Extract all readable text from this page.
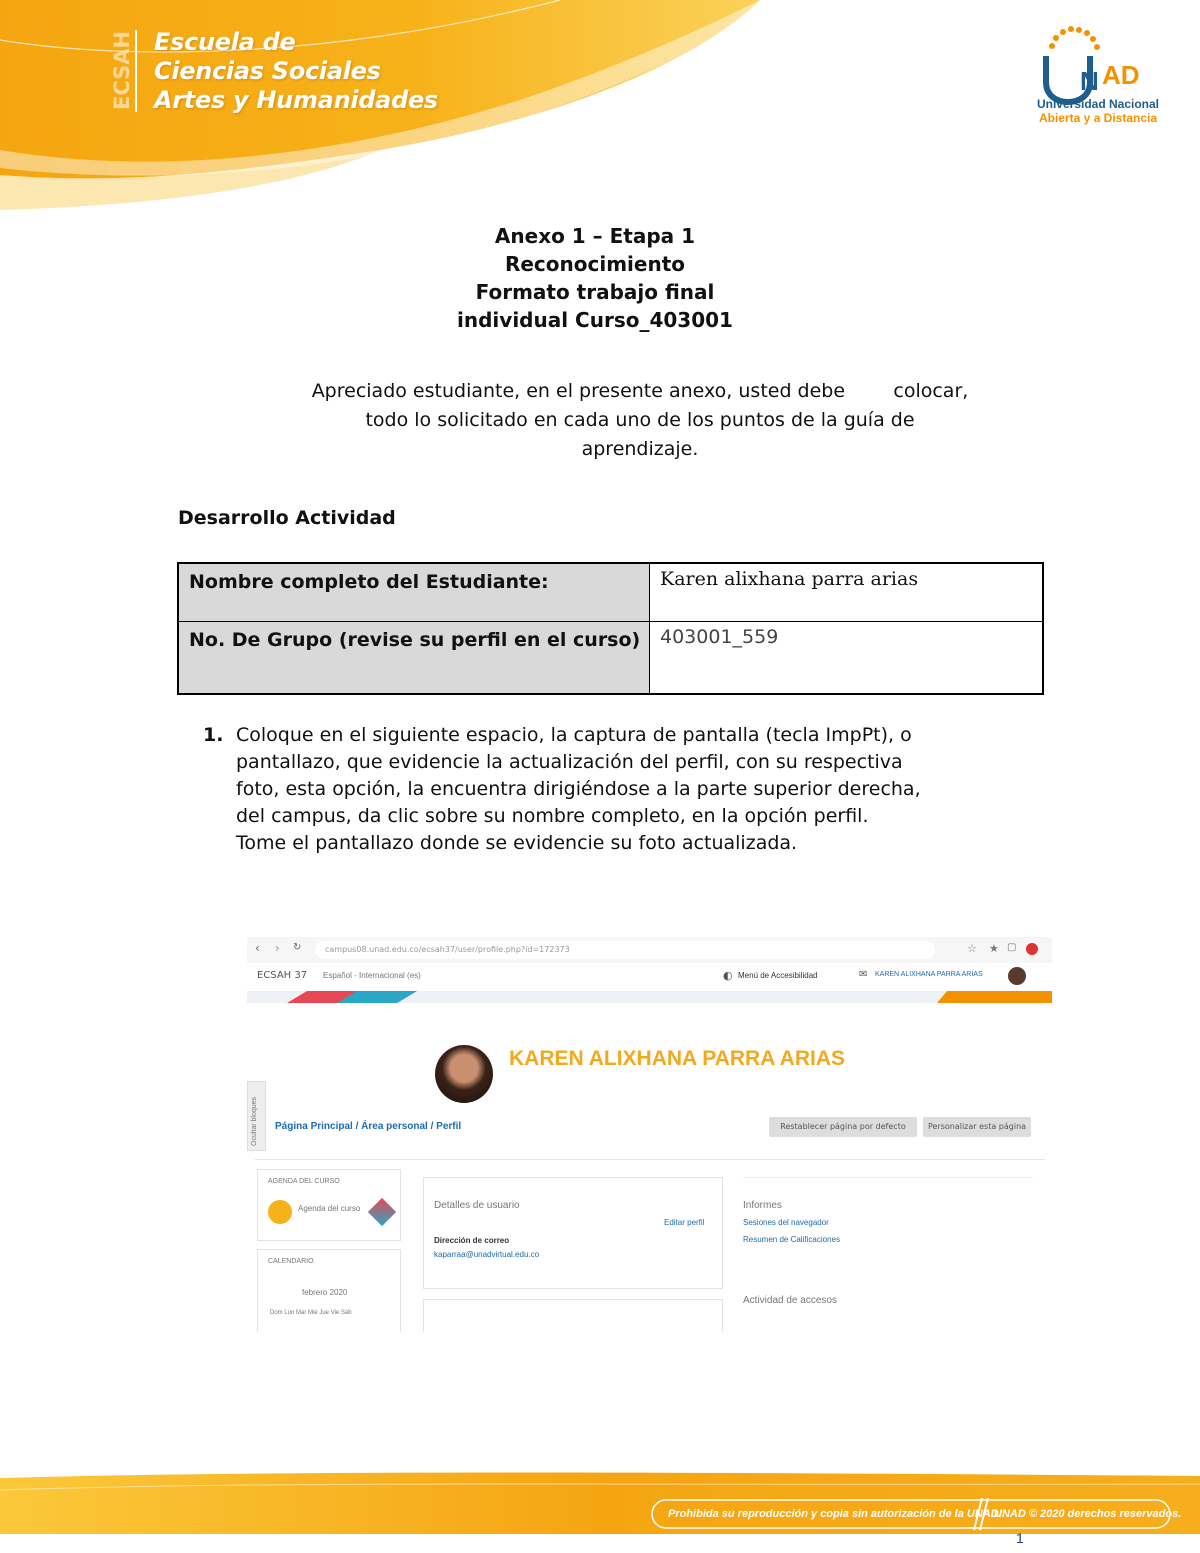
ECSAH Escuela de
Ciencias Sociales
Artes y Humanidades
N AD
Universidad Nacional
Abierta y a Distancia
Anexo 1 – Etapa 1
Reconocimiento
Formato trabajo final
individual Curso_403001
Apreciado estudiante, en el presente anexo, usted debe        colocar,
todo lo solicitado en cada uno de los puntos de la guía de
aprendizaje.
Desarrollo Actividad
Nombre completo del Estudiante:	Karen alixhana parra arias
No. De Grupo (revise su perfil en el curso)	403001_559
1. Coloque en el siguiente espacio, la captura de pantalla (tecla ImpPt), o
pantallazo, que evidencie la actualización del perfil, con su respectiva
foto, esta opción, la encuentra dirigiéndose a la parte superior derecha,
del campus, da clic sobre su nombre completo, en la opción perfil.
Tome el pantallazo donde se evidencie su foto actualizada.
‹ › ↻	campus08.unad.edu.co/ecsah37/user/profile.php?id=172373	☆ ★ ▢
ECSAH 37 Español - Internacional (es)	◐ Menú de Accesibilidad	✉ KAREN ALIXHANA PARRA ARIAS
KAREN ALIXHANA PARRA ARIAS
Ocultar bloques Página Principal / Área personal / Perfil	Restablecer página por defecto	Personalizar esta página
AGENDA DEL CURSO
Agenda del curso
CALENDARIO
febrero 2020
Dom Lun Mar Mié Jue Vie Sáb
Detalles de usuario
Editar perfil
Dirección de correo
kaparraa@unadvirtual.edu.co
Informes
Sesiones del navegador
Resumen de Calificaciones
Actividad de accesos
Prohibida su reproducción y copia sin autorización de la UNAD.
UNAD © 2020 derechos reservados.
1
